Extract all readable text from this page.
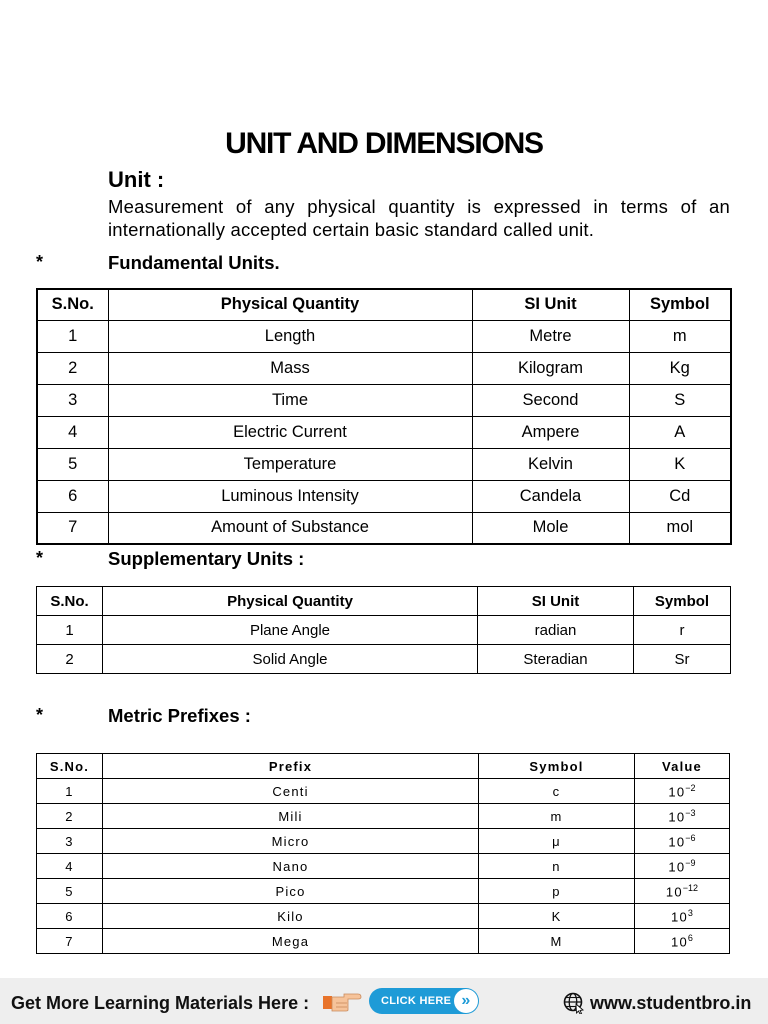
UNIT AND DIMENSIONS
Unit :
Measurement of any physical quantity is expressed in terms of an internationally accepted certain basic standard called unit.
*	Fundamental Units.
S.No.	Physical Quantity	SI Unit	Symbol
1	Length	Metre	m
2	Mass	Kilogram	Kg
3	Time	Second	S
4	Electric Current	Ampere	A
5	Temperature	Kelvin	K
6	Luminous Intensity	Candela	Cd
7	Amount of Substance	Mole	mol
*	Supplementary Units :
S.No.	Physical Quantity	SI Unit	Symbol
1	Plane Angle	radian	r
2	Solid Angle	Steradian	Sr
*	Metric Prefixes :
S.No.	Prefix	Symbol	Value
1	Centi	c	$10^{-2}$
2	Mili	m	$10^{-3}$
3	Micro	μ	$10^{-6}$
4	Nano	n	$10^{-9}$
5	Pico	p	$10^{-12}$
6	Kilo	K	$10^3$
7	Mega	M	$10^6$
Get More Learning Materials Here :	CLICK HERE »	www.studentbro.in
